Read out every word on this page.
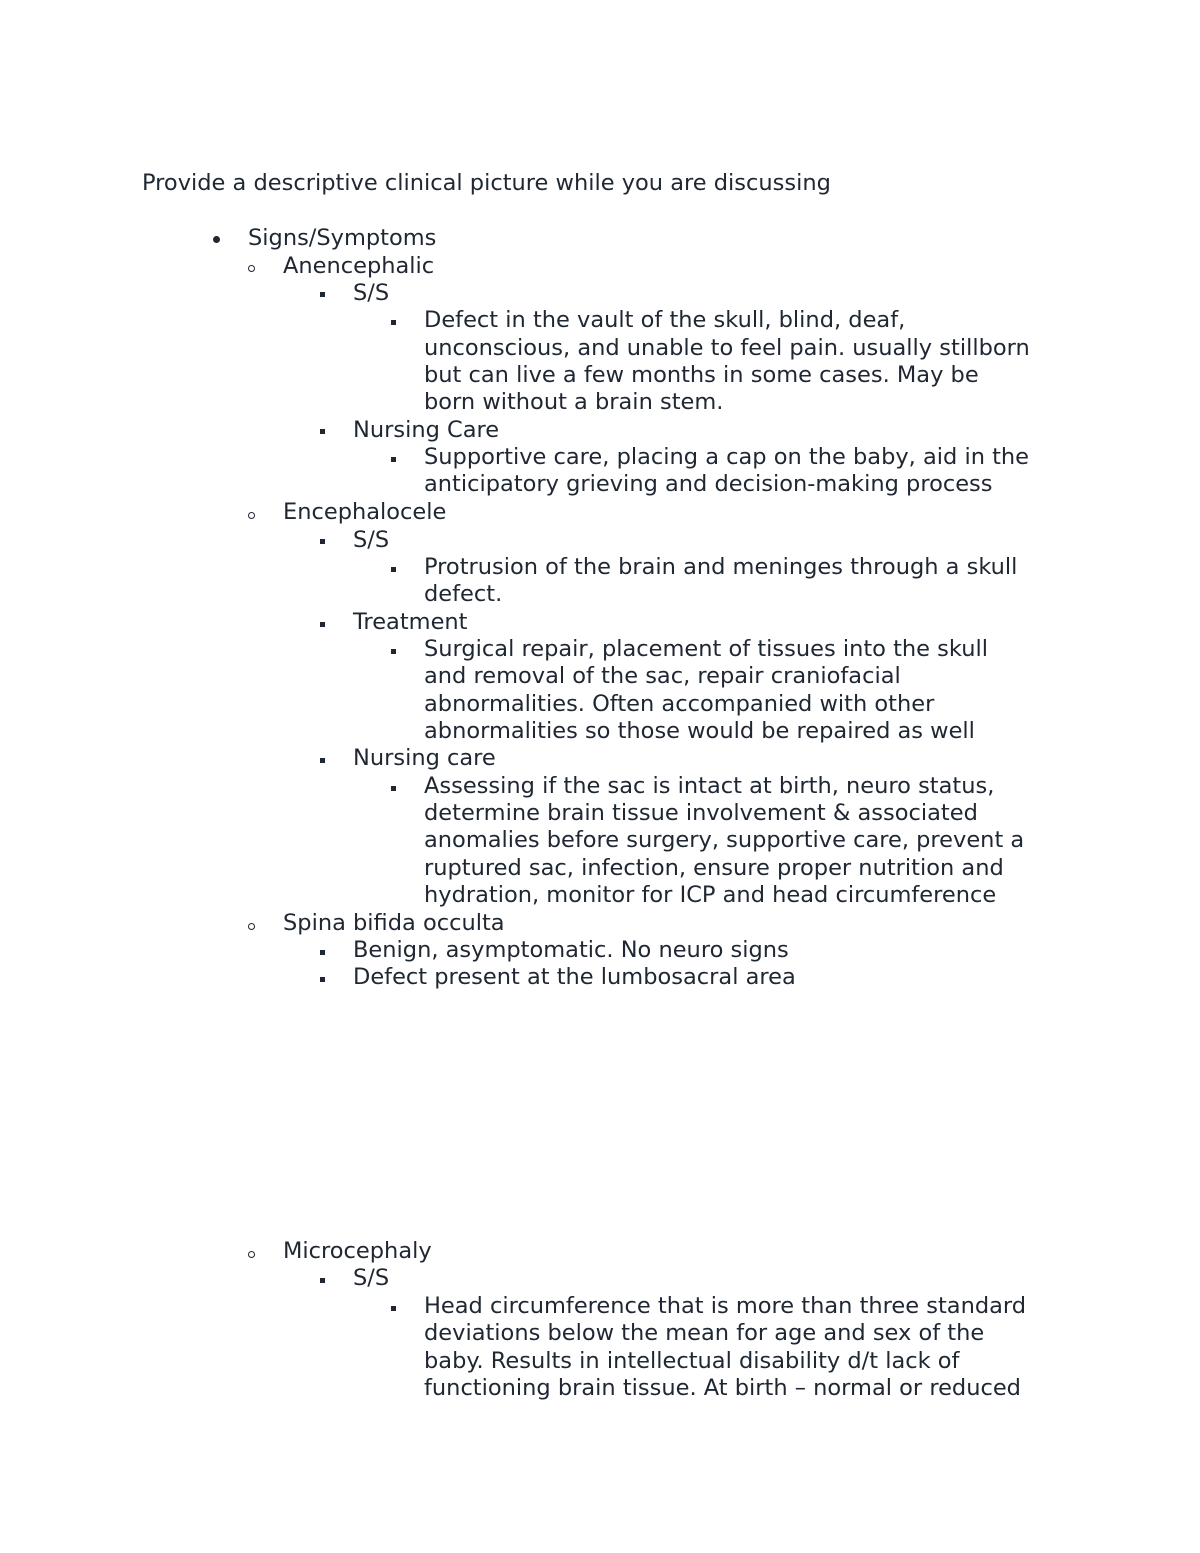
Provide a descriptive clinical picture while you are discussing
Signs/Symptoms
Anencephalic
S/S
Defect in the vault of the skull, blind, deaf,
unconscious, and unable to feel pain. usually stillborn
but can live a few months in some cases. May be
born without a brain stem.
Nursing Care
Supportive care, placing a cap on the baby, aid in the
anticipatory grieving and decision-making process
Encephalocele
S/S
Protrusion of the brain and meninges through a skull
defect.
Treatment
Surgical repair, placement of tissues into the skull
and removal of the sac, repair craniofacial
abnormalities. Often accompanied with other
abnormalities so those would be repaired as well
Nursing care
Assessing if the sac is intact at birth, neuro status,
determine brain tissue involvement & associated
anomalies before surgery, supportive care, prevent a
ruptured sac, infection, ensure proper nutrition and
hydration, monitor for ICP and head circumference
Spina bifida occulta
Benign, asymptomatic. No neuro signs
Defect present at the lumbosacral area
Microcephaly
S/S
Head circumference that is more than three standard
deviations below the mean for age and sex of the
baby. Results in intellectual disability d/t lack of
functioning brain tissue. At birth – normal or reduced
